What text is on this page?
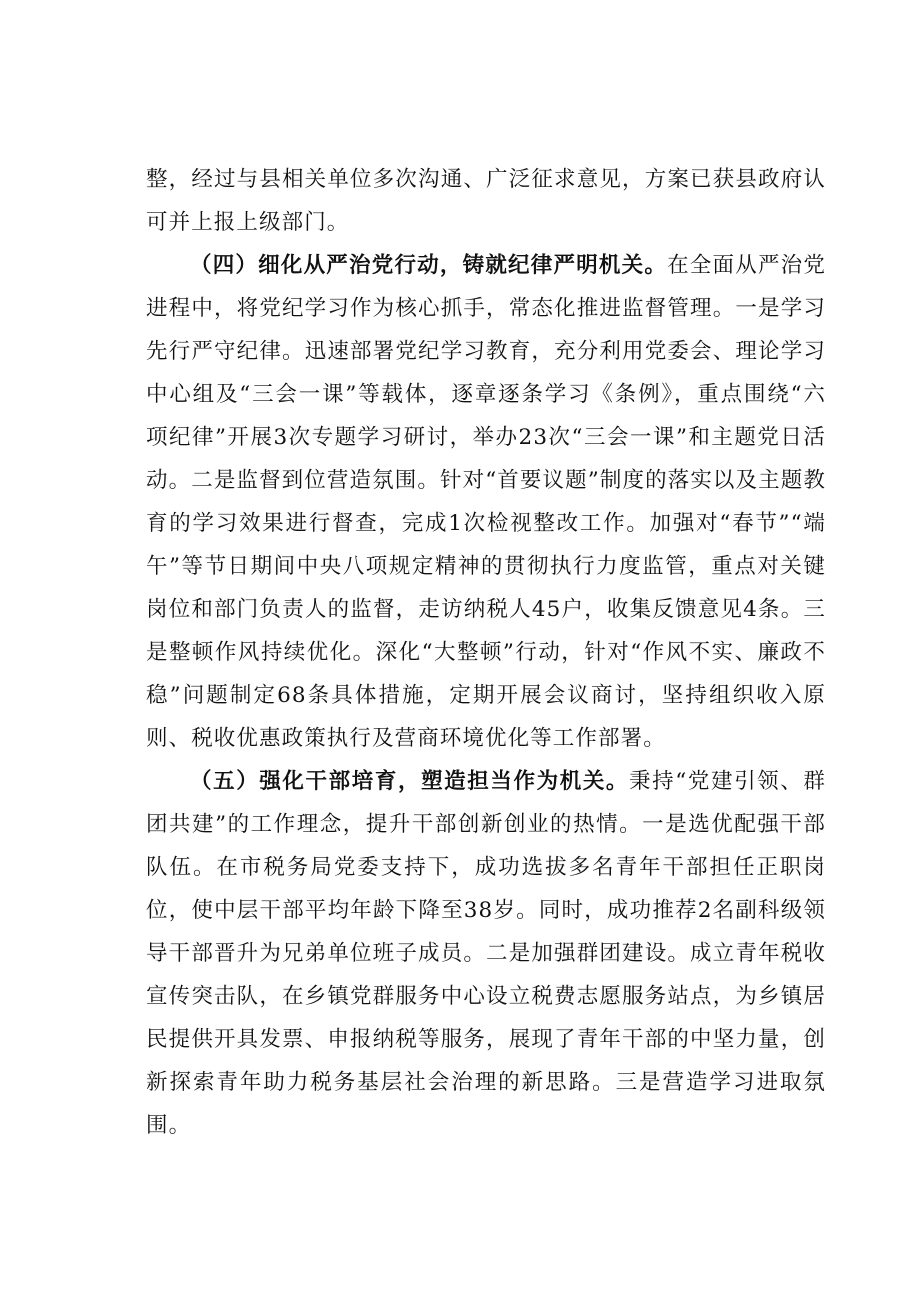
整，经过与县相关单位多次沟通、广泛征求意见，方案已获县政府认可并上报上级部门。

（四）细化从严治党行动，铸就纪律严明机关。在全面从严治党进程中，将党纪学习作为核心抓手，常态化推进监督管理。一是学习先行严守纪律。迅速部署党纪学习教育，充分利用党委会、理论学习中心组及“三会一课”等载体，逐章逐条学习《条例》，重点围绕“六项纪律”开展3次专题学习研讨，举办23次“三会一课”和主题党日活动。二是监督到位营造氛围。针对“首要议题”制度的落实以及主题教育的学习效果进行督查，完成1次检视整改工作。加强对“春节”“端午”等节日期间中央八项规定精神的贯彻执行力度监管，重点对关键岗位和部门负责人的监督，走访纳税人45户，收集反馈意见4条。三是整顿作风持续优化。深化“大整顿”行动，针对“作风不实、廉政不稳”问题制定68条具体措施，定期开展会议商讨，坚持组织收入原则、税收优惠政策执行及营商环境优化等工作部署。

（五）强化干部培育，塑造担当作为机关。秉持“党建引领、群团共建”的工作理念，提升干部创新创业的热情。一是选优配强干部队伍。在市税务局党委支持下，成功选拔多名青年干部担任正职岗位，使中层干部平均年龄下降至38岁。同时，成功推荐2名副科级领导干部晋升为兄弟单位班子成员。二是加强群团建设。成立青年税收宣传突击队，在乡镇党群服务中心设立税费志愿服务站点，为乡镇居民提供开具发票、申报纳税等服务，展现了青年干部的中坚力量，创新探索青年助力税务基层社会治理的新思路。三是营造学习进取氛围。
